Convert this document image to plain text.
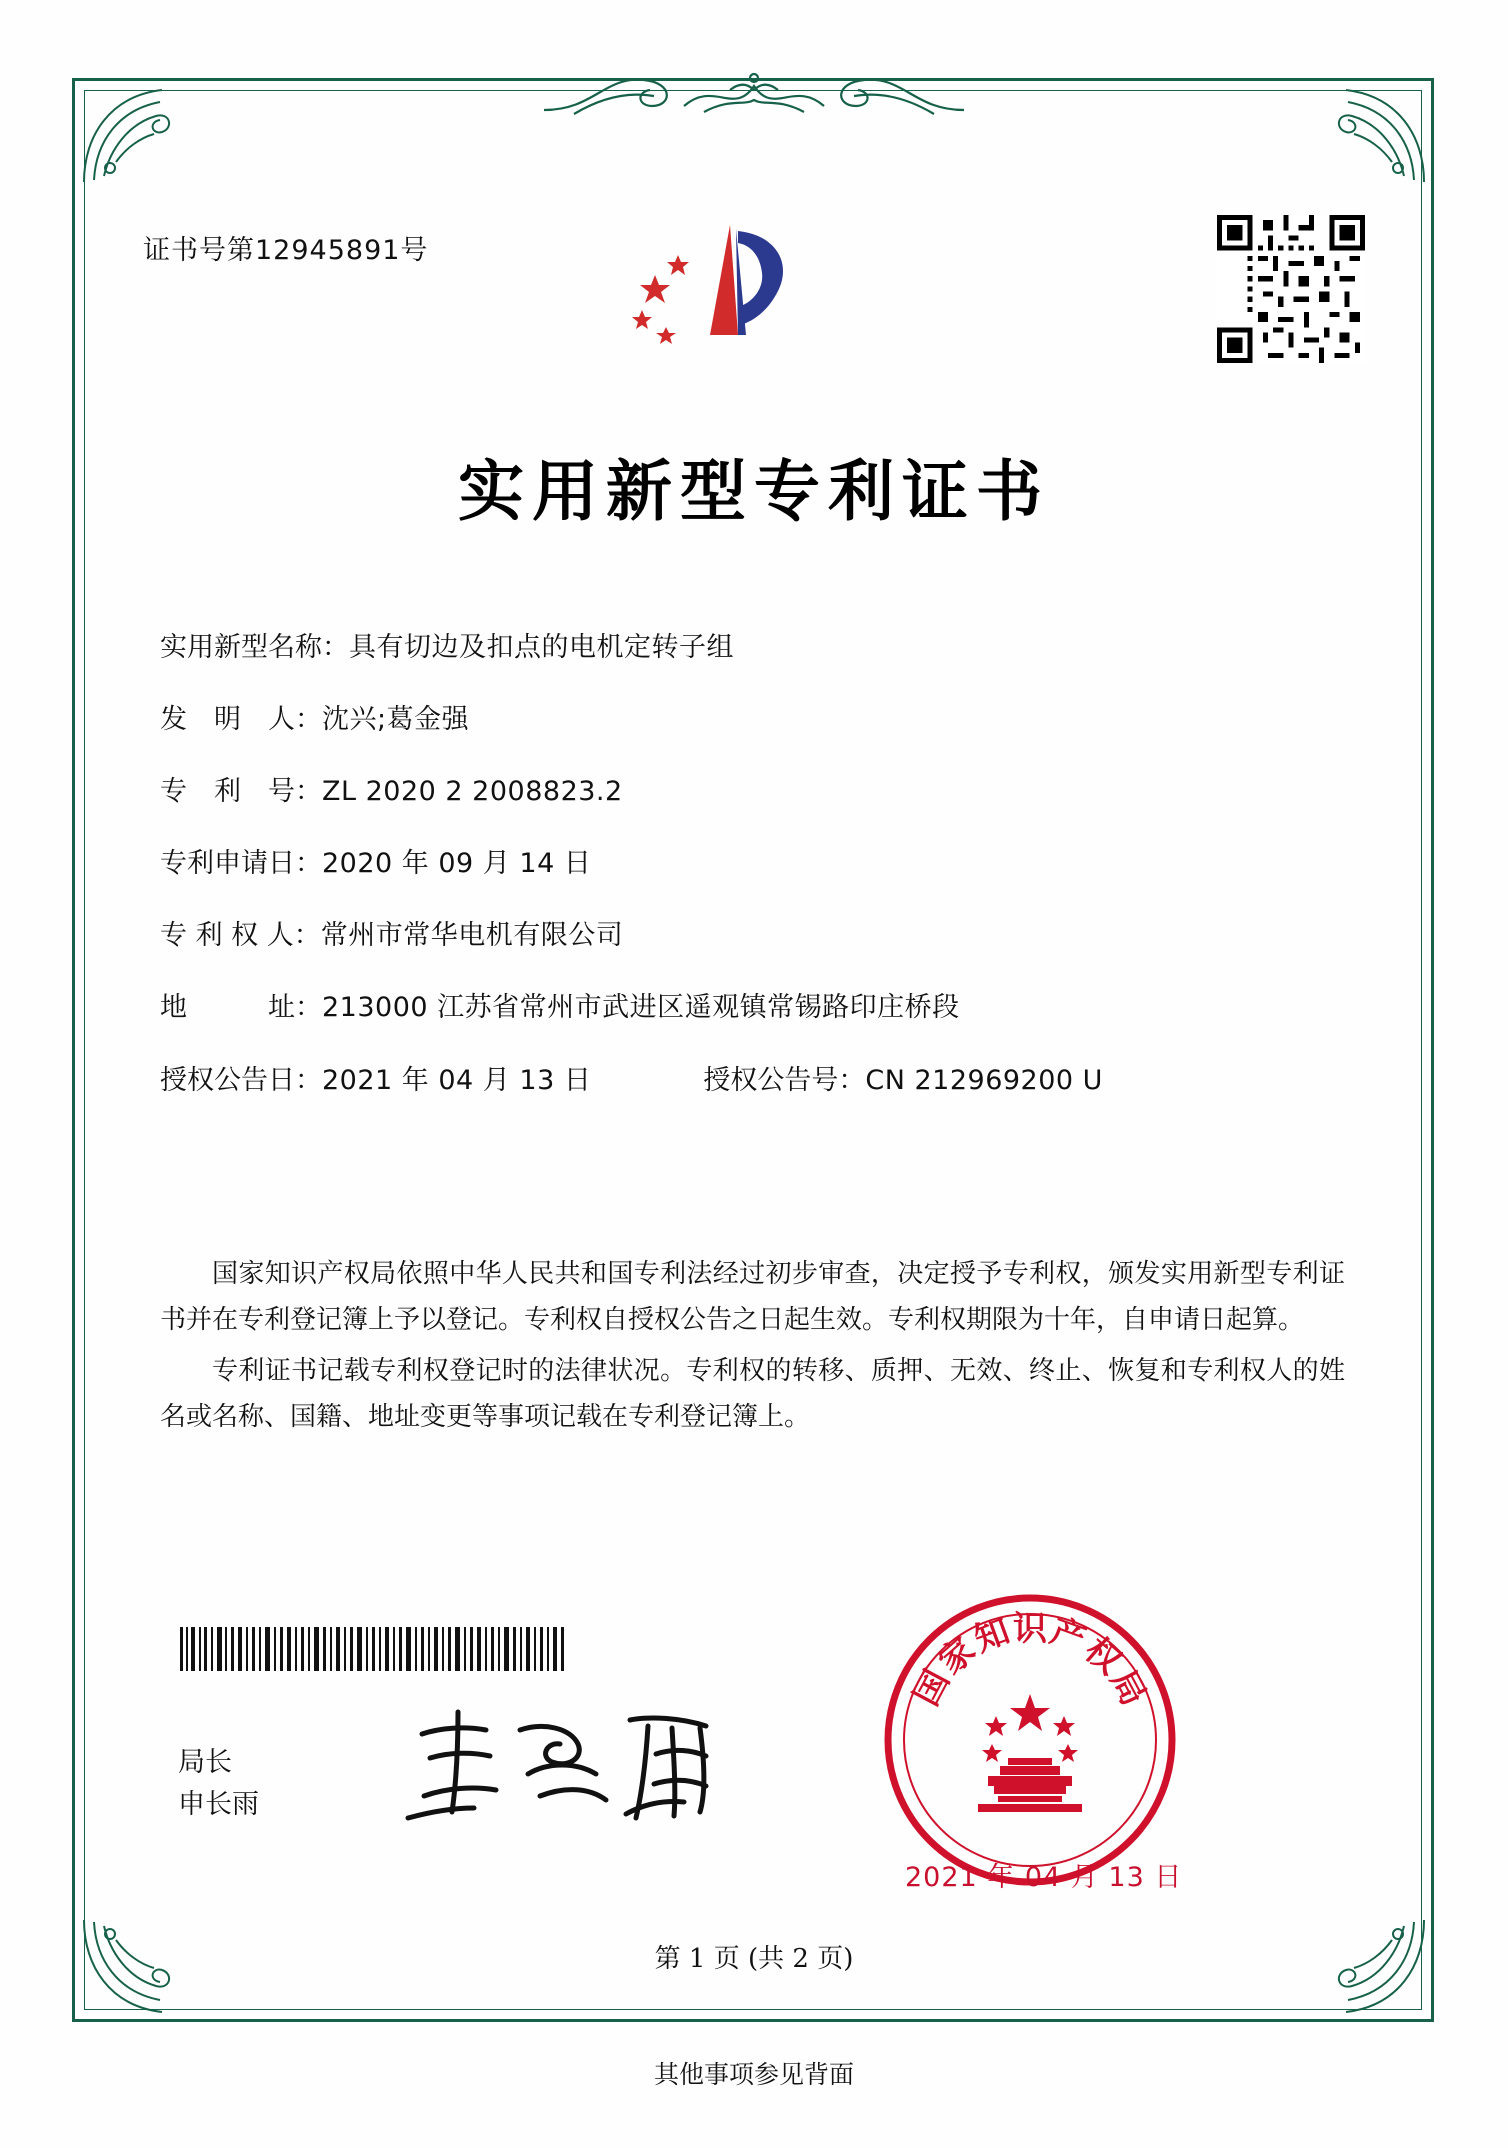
证书号第12945891号
实用新型专利证书
实用新型名称： 具有切边及扣点的电机定转子组
发　明　人： 沈兴;葛金强
专　利　号： ZL 2020 2 2008823.2
专利申请日： 2020 年 09 月 14 日
专 利 权 人： 常州市常华电机有限公司
地　　　址： 213000 江苏省常州市武进区遥观镇常锡路印庄桥段
授权公告日： 2021 年 04 月 13 日	授权公告号： CN 212969200 U

国家知识产权局依照中华人民共和国专利法经过初步审查，决定授予专利权，颁发实用新型专利证书并在专利登记簿上予以登记。专利权自授权公告之日起生效。专利权期限为十年，自申请日起算。

专利证书记载专利权登记时的法律状况。专利权的转移、质押、无效、终止、恢复和专利权人的姓名或名称、国籍、地址变更等事项记载在专利登记簿上。

局长
申长雨
国
家
知
识
产
权
局
2021 年 04 月 13 日
第 1 页 (共 2 页)
其他事项参见背面
